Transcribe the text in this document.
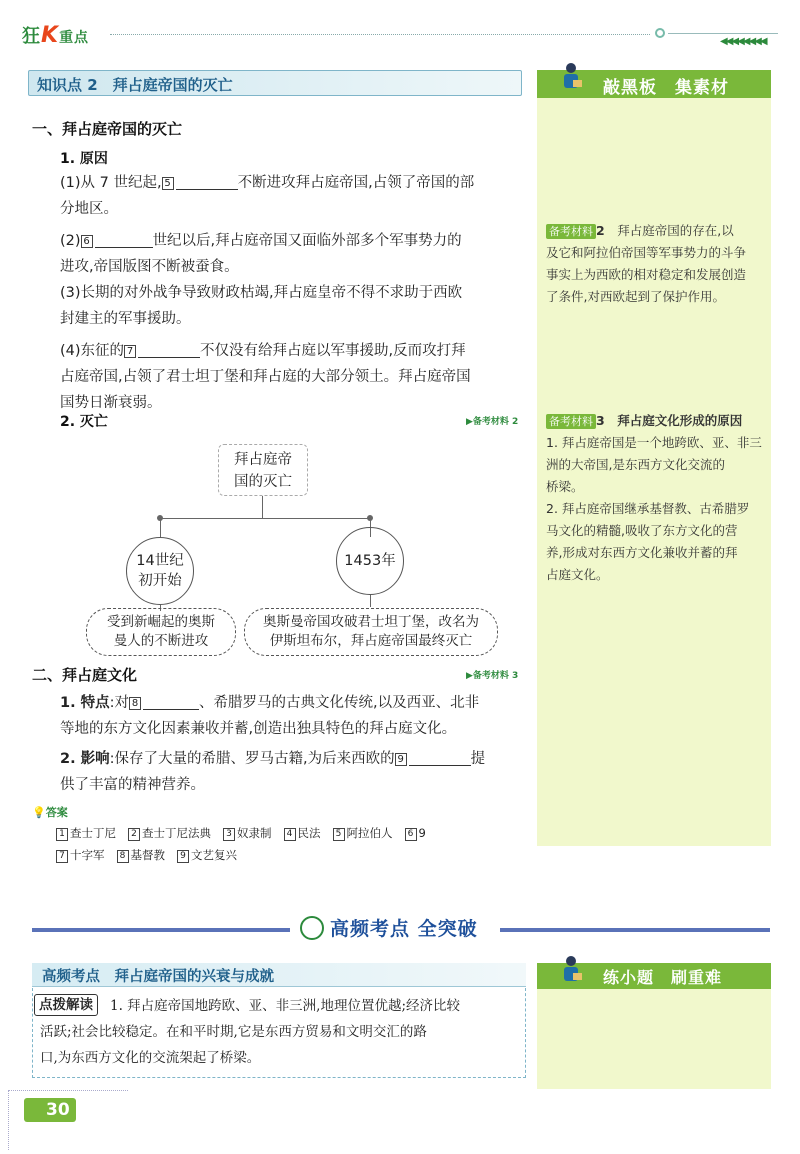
狂K重点	◀◀◀◀◀◀◀◀
知识点 2　拜占庭帝国的灭亡	敲黑板　集素材
一、拜占庭帝国的灭亡
1. 原因
(1)从 7 世纪起, 5	不断进攻拜占庭帝国,占领了帝国的部
分地区。
(2) 6	世纪以后,拜占庭帝国又面临外部多个军事势力的
进攻,帝国版图不断被蚕食。
(3)长期的对外战争导致财政枯竭,拜占庭皇帝不得不求助于西欧
封建主的军事援助。
(4)东征的 7	不仅没有给拜占庭以军事援助,反而攻打拜
占庭帝国,占领了君士坦丁堡和拜占庭的大部分领土。拜占庭帝国
国势日渐衰弱。
2. 灭亡	▶备考材料 2
拜占庭帝
国的灭亡
14世纪
初开始
1453年
受到新崛起的奥斯
曼人的不断进攻
奥斯曼帝国攻破君士坦丁堡，改名为
伊斯坦布尔，拜占庭帝国最终灭亡
二、拜占庭文化	▶备考材料 3
1. 特点:对 8	、希腊罗马的古典文化传统,以及西亚、北非
等地的东方文化因素兼收并蓄,创造出独具特色的拜占庭文化。
2. 影响:保存了大量的希腊、罗马古籍,为后来西欧的 9	提
供了丰富的精神营养。
💡答案
1 查士丁尼 2 查士丁尼法典 3 奴隶制 4 民法 5 阿拉伯人 6 9
7 十字军 8 基督教 9 文艺复兴
备考材料 2　 拜占庭帝国的存在,以
及它和阿拉伯帝国等军事势力的斗争
事实上为西欧的相对稳定和发展创造
了条件,对西欧起到了保护作用。
备考材料 3　 拜占庭文化形成的原因
1. 拜占庭帝国是一个地跨欧、亚、非三
洲的大帝国,是东西方文化交流的
桥梁。
2. 拜占庭帝国继承基督教、古希腊罗
马文化的精髓,吸收了东方文化的营
养,形成对东西方文化兼收并蓄的拜
占庭文化。
高频考点 全突破
高频考点　拜占庭帝国的兴衰与成就
点拨解读	1. 拜占庭帝国地跨欧、亚、非三洲,地理位置优越;经济比较
活跃;社会比较稳定。在和平时期,它是东西方贸易和文明交汇的路
口,为东西方文化的交流架起了桥梁。
练小题　刷重难
30
